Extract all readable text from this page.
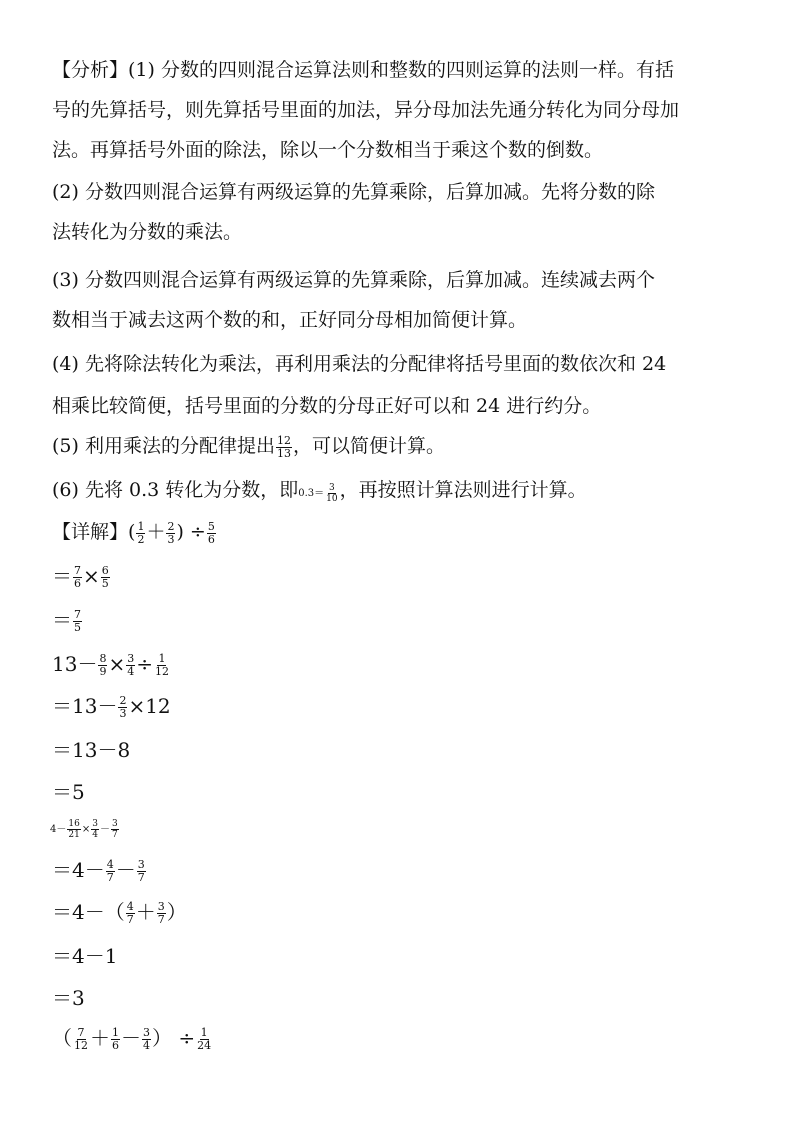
【分析】(1) 分数的四则混合运算法则和整数的四则运算的法则一样。有括
号的先算括号，则先算括号里面的加法，异分母加法先通分转化为同分母加
法。再算括号外面的除法，除以一个分数相当于乘这个数的倒数。
(2) 分数四则混合运算有两级运算的先算乘除，后算加减。先将分数的除
法转化为分数的乘法。
(3) 分数四则混合运算有两级运算的先算乘除，后算加减。连续减去两个
数相当于减去这两个数的和，正好同分母相加简便计算。
(4) 先将除法转化为乘法，再利用乘法的分配律将括号里面的数依次和 24
相乘比较简便，括号里面的分数的分母正好可以和 24 进行约分。
(5) 利用乘法的分配律提出 $\frac{12}{13}$ ，可以简便计算。
(6) 先将 0.3 转化为分数，即$0.3= \frac{3}{10}$ ，再按照计算法则进行计算。
【详解】( $\frac{1}{2} + \frac{2}{3}$ ) ÷ $\frac{5}{6}$
＝ $\frac{7}{6} \times \frac{6}{5}$
＝ $\frac{7}{5}$
$13- \frac{8}{9} \times \frac{3}{4} \div \frac{1}{12}$
$=13- \frac{2}{3} \times 12$
＝13－8
＝5
$4- \frac{16}{21} \times \frac{3}{4} - \frac{3}{7}$
$=4- \frac{4}{7} - \frac{3}{7}$
$=4-( \frac{4}{7} + \frac{3}{7}$ ）
＝4－1
＝3
（ $\frac{7}{12} + \frac{1}{6} - \frac{3}{4}$ ） ÷ $\frac{1}{24}$
